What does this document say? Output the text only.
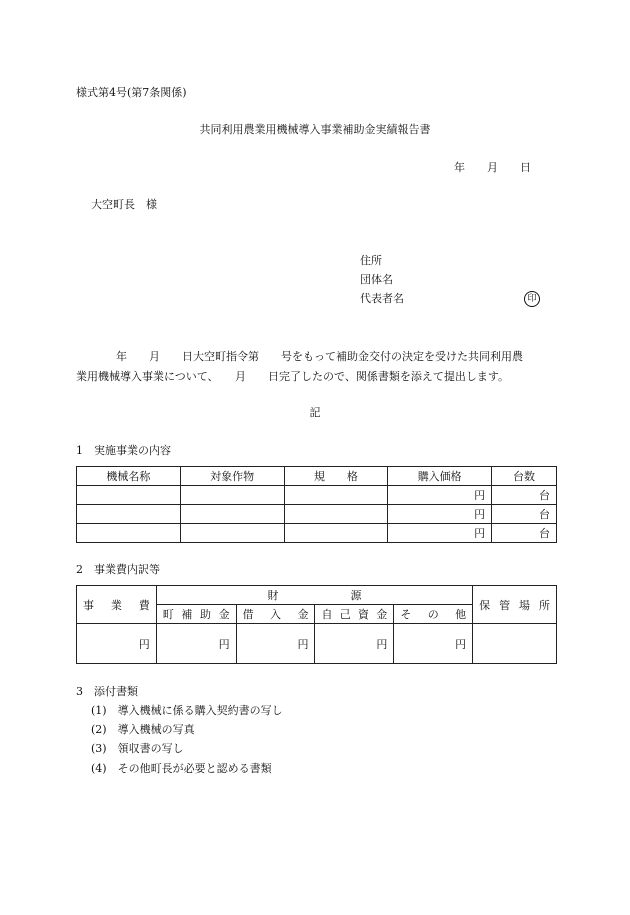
様式第4号(第7条関係)
共同利用農業用機械導入事業補助金実績報告書
年　　月　　日
大空町長　様
住所
団体名
代表者名	印
年　　月　　日大空町指令第　　号をもって補助金交付の決定を受けた共同利用農
業用機械導入事業について、　　月　　日完了したので、関係書類を添えて提出します。
記
1　実施事業の内容
機械名称	対象作物	規　　格	購入価格	台数
			円	台
			円	台
			円	台
2　事業費内訳等
事 業 費	財 源				保 管 場 所

	町 補 助 金	借 入 金	自 己 資 金	そ の 他	

円	円	円	円	円	
3　添付書類
(1)　導入機械に係る購入契約書の写し
(2)　導入機械の写真
(3)　領収書の写し
(4)　その他町長が必要と認める書類
